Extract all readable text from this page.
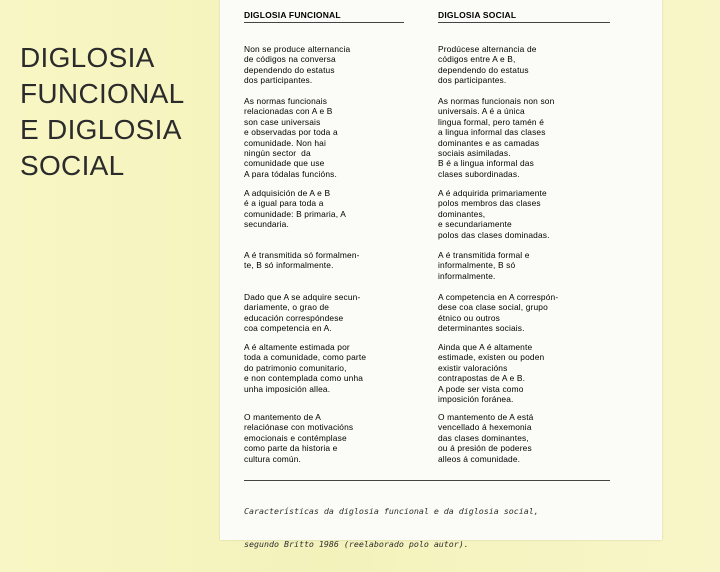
DIGLOSIA
FUNCIONAL
E DIGLOSIA
SOCIAL
DIGLOSIA FUNCIONAL	DIGLOSIA SOCIAL
Non se produce alternancia
de códigos na conversa
dependendo do estatus
dos participantes.
Prodúcese alternancia de
códigos entre A e B,
dependendo do estatus
dos participantes.
As normas funcionais
relacionadas con A e B
son case universais
e observadas por toda a
comunidade. Non hai
ningún sector  da
comunidade que use
A para tódalas funcións.
As normas funcionais non son
universais. A é a única
lingua formal, pero tamén é
a lingua informal das clases
dominantes e as camadas
sociais asimiladas.
B é a lingua informal das
clases subordinadas.
A adquisición de A e B
é a igual para toda a
comunidade: B primaria, A
secundaria.
A é adquirida primariamente
polos membros das clases
dominantes,
e secundariamente
polos das clases dominadas.
A é transmitida só formalmen-
te, B só informalmente.
A é transmitida formal e
informalmente, B só
informalmente.
Dado que A se adquire secun-
dariamente, o grao de
educación correspóndese
coa competencia en A.
A competencia en A correspón-
dese coa clase social, grupo
étnico ou outros
determinantes sociais.
A é altamente estimada por
toda a comunidade, como parte
do patrimonio comunitario,
e non contemplada como unha
unha imposición allea.
Ainda que A é altamente
estimade, existen ou poden
existir valoracións
contrapostas de A e B.
A pode ser vista como
imposición foránea.
O mantemento de A
relaciónase con motivacións
emocionais e contémplase
como parte da historia e
cultura común.
O mantemento de A está
vencellado á hexemonia
das clases dominantes,
ou á presión de poderes
alleos á comunidade.

Características da diglosia funcional e da diglosia social,

segundo Britto 1986 (reelaborado polo autor).
